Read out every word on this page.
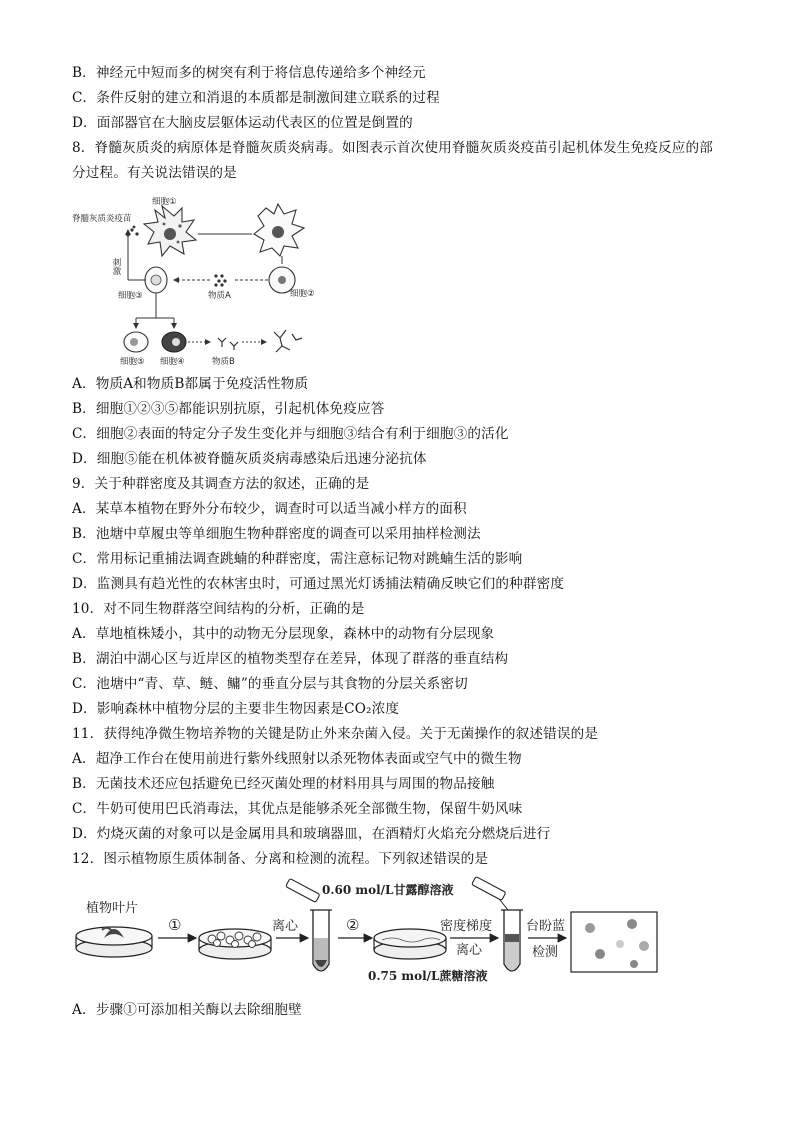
B．神经元中短而多的树突有利于将信息传递给多个神经元
C．条件反射的建立和消退的本质都是制激间建立联系的过程
D．面部器官在大脑皮层躯体运动代表区的位置是倒置的
8．脊髓灰质炎的病原体是脊髓灰质炎病毒。如图表示首次使用脊髓灰质炎疫苗引起机体发生免疫反应的部
分过程。有关说法错误的是
脊髓灰质炎疫苗
细胞①
细胞②
物质A
细胞③
刺激
细胞⑤ 细胞④	物质B
A．物质A和物质B都属于免疫活性物质
B．细胞①②③⑤都能识别抗原，引起机体免疫应答
C．细胞②表面的特定分子发生变化并与细胞③结合有利于细胞③的活化
D．细胞⑤能在机体被脊髓灰质炎病毒感染后迅速分泌抗体
9．关于种群密度及其调查方法的叙述，正确的是
A．某草本植物在野外分布较少，调查时可以适当减小样方的面积
B．池塘中草履虫等单细胞生物种群密度的调查可以采用抽样检测法
C．常用标记重捕法调查跳蝻的种群密度，需注意标记物对跳蝻生活的影响
D．监测具有趋光性的农林害虫时，可通过黑光灯诱捕法精确反映它们的种群密度
10．对不同生物群落空间结构的分析，正确的是
A．草地植株矮小，其中的动物无分层现象，森林中的动物有分层现象
B．湖泊中湖心区与近岸区的植物类型存在差异，体现了群落的垂直结构
C．池塘中“青、草、鲢、鳙”的垂直分层与其食物的分层关系密切
D．影响森林中植物分层的主要非生物因素是CO₂浓度
11．获得纯净微生物培养物的关键是防止外来杂菌入侵。关于无菌操作的叙述错误的是
A．超净工作台在使用前进行紫外线照射以杀死物体表面或空气中的微生物
B．无菌技术还应包括避免已经灭菌处理的材料用具与周围的物品接触
C．牛奶可使用巴氏消毒法，其优点是能够杀死全部微生物，保留牛奶风味
D．灼烧灭菌的对象可以是金属用具和玻璃器皿，在酒精灯火焰充分燃烧后进行
12．图示植物原生质体制备、分离和检测的流程。下列叙述错误的是
植物叶片
①	离心	②
0.60 mol/L甘露醇溶液
密度梯度
离心
0.75 mol/L蔗糖溶液
台盼蓝
检测
A．步骤①可添加相关酶以去除细胞壁
